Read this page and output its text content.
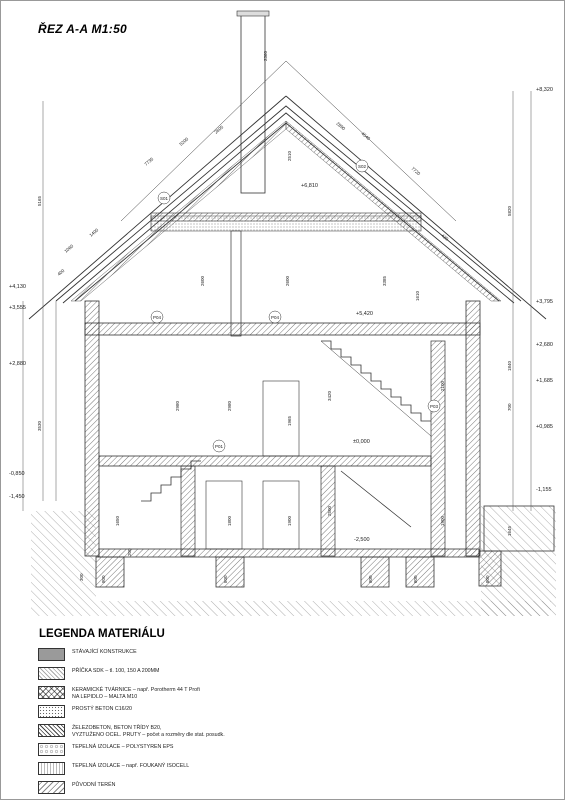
ŘEZ A-A M1:50
+8,320
+3,795
+2,680
+1,685
+0,985
-1,155
+4,130
+3,555
+2,880
-0,850
-1,450
+6,810
+5,420
±0,000
-2,500
S01
S02
P04	P04
P03
P01
5165
3530
2600	2600	3385
1610
2980	2980
3420
2100
1965
1800	1900
2500
1900
1650
1645
5820
1840
700
7735
5200
2605
2360
2510
2890
4540
7720
1400
1060
400
420
800	800	800	800	800
200
300
LEGENDA MATERIÁLU
STÁVAJÍCÍ KONSTRUKCE
PŘÍČKA SDK – tl. 100, 150 A 200MM
KERAMICKÉ TVÁRNICE – např. Porotherm 44 T Profi
NA LEPIDLO – MALTA M10
PROSTÝ BETON C16/20
ŽELEZOBETON, BETON TŘÍDY B20,
VYZTUŽENO OCEL. PRUTY – počet a rozměry dle stat. posudk.
TEPELNÁ IZOLACE – POLYSTYREN EPS
TEPELNÁ IZOLACE – např. FOUKANÝ ISOCELL
PŮVODNÍ TERÉN
